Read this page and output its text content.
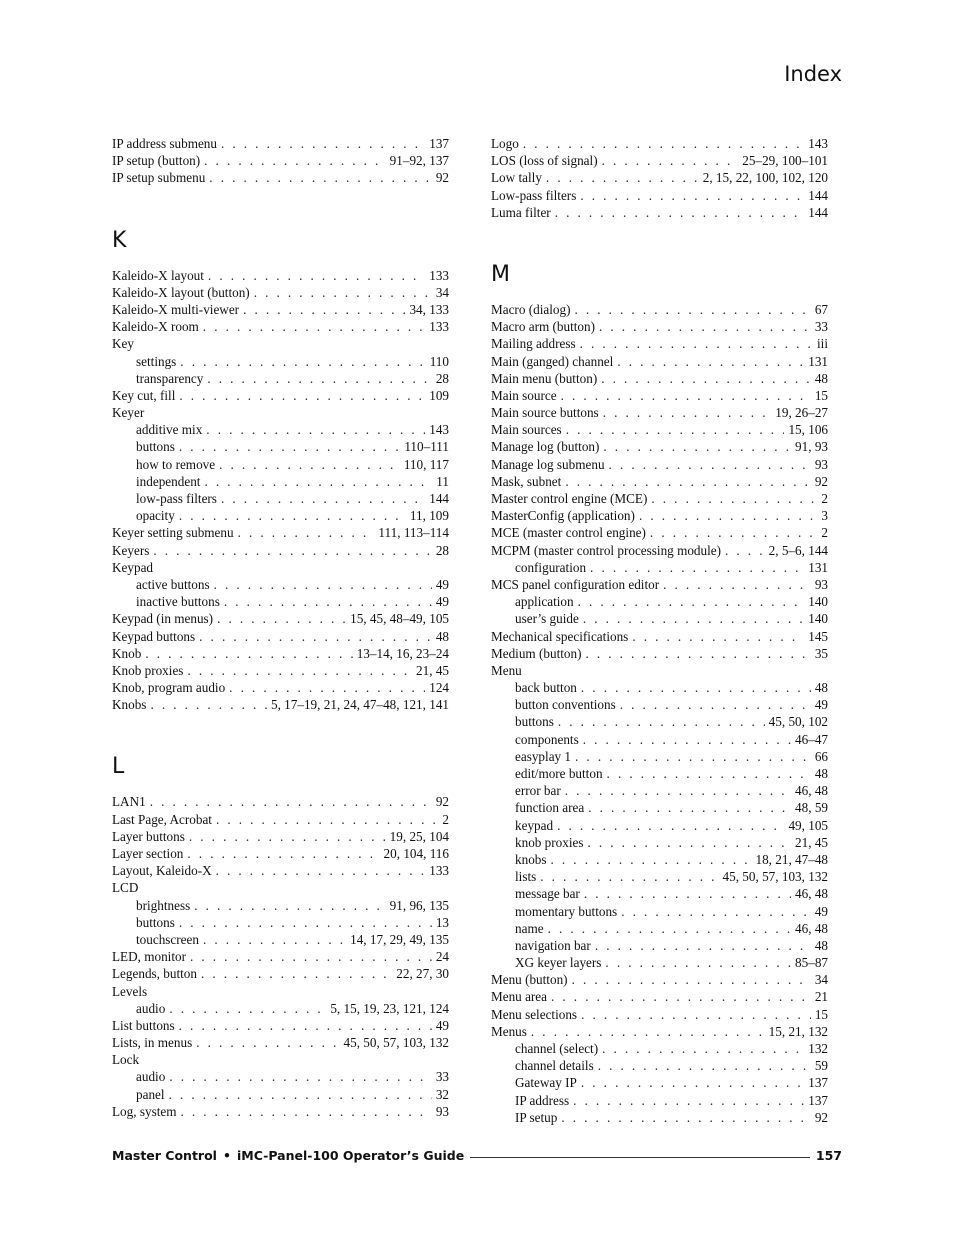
Index
IP address submenu . . .	137
IP setup (button) . . .	91–92, 137
IP setup submenu . . .	92
K
Kaleido-X layout . . .	133
Kaleido-X layout (button) . . .	34
Kaleido-X multi-viewer . . .	34, 133
Kaleido-X room . . .	133
Key
settings . . .	110
transparency . . .	28
Key cut, fill . . .	109
Keyer
additive mix . . .	143
buttons . . .	110–111
how to remove . . .	110, 117
independent . . .	11
low-pass filters . . .	144
opacity . . .	11, 109
Keyer setting submenu . . .	111, 113–114
Keyers . . .	28
Keypad
active buttons . . .	49
inactive buttons . . .	49
Keypad (in menus) . . .	15, 45, 48–49, 105
Keypad buttons . . .	48
Knob . . .	13–14, 16, 23–24
Knob proxies . . .	21, 45
Knob, program audio . . .	124
Knobs . . .	5, 17–19, 21, 24, 47–48, 121, 141
L
LAN1 . . .	92
Last Page, Acrobat . . .	2
Layer buttons . . .	19, 25, 104
Layer section . . .	20, 104, 116
Layout, Kaleido-X . . .	133
LCD
brightness . . .	91, 96, 135
buttons . . .	13
touchscreen . . .	14, 17, 29, 49, 135
LED, monitor . . .	24
Legends, button . . .	22, 27, 30
Levels
audio . . .	5, 15, 19, 23, 121, 124
List buttons . . .	49
Lists, in menus . . .	45, 50, 57, 103, 132
Lock
audio . . .	33
panel . . .	32
Log, system . . .	93
Logo . . .	143
LOS (loss of signal) . . .	25–29, 100–101
Low tally . . .	2, 15, 22, 100, 102, 120
Low-pass filters . . .	144
Luma filter . . .	144
M
Macro (dialog) . . .	67
Macro arm (button) . . .	33
Mailing address . . .	iii
Main (ganged) channel . . .	131
Main menu (button) . . .	48
Main source . . .	15
Main source buttons . . .	19, 26–27
Main sources . . .	15, 106
Manage log (button) . . .	91, 93
Manage log submenu . . .	93
Mask, subnet . . .	92
Master control engine (MCE) . . .	2
MasterConfig (application) . . .	3
MCE (master control engine) . . .	2
MCPM (master control processing module) . . .	2, 5–6, 144
configuration . . .	131
MCS panel configuration editor . . .	93
application . . .	140
user’s guide . . .	140
Mechanical specifications . . .	145
Medium (button) . . .	35
Menu
back button . . .	48
button conventions . . .	49
buttons . . .	45, 50, 102
components . . .	46–47
easyplay 1 . . .	66
edit/more button . . .	48
error bar . . .	46, 48
function area . . .	48, 59
keypad . . .	49, 105
knob proxies . . .	21, 45
knobs . . .	18, 21, 47–48
lists . . .	45, 50, 57, 103, 132
message bar . . .	46, 48
momentary buttons . . .	49
name . . .	46, 48
navigation bar . . .	48
XG keyer layers . . .	85–87
Menu (button) . . .	34
Menu area . . .	21
Menu selections . . .	15
Menus . . .	15, 21, 132
channel (select) . . .	132
channel details . . .	59
Gateway IP . . .	137
IP address . . .	137
IP setup . . .	92
Master Control • iMC-Panel-100 Operator’s Guide	157
